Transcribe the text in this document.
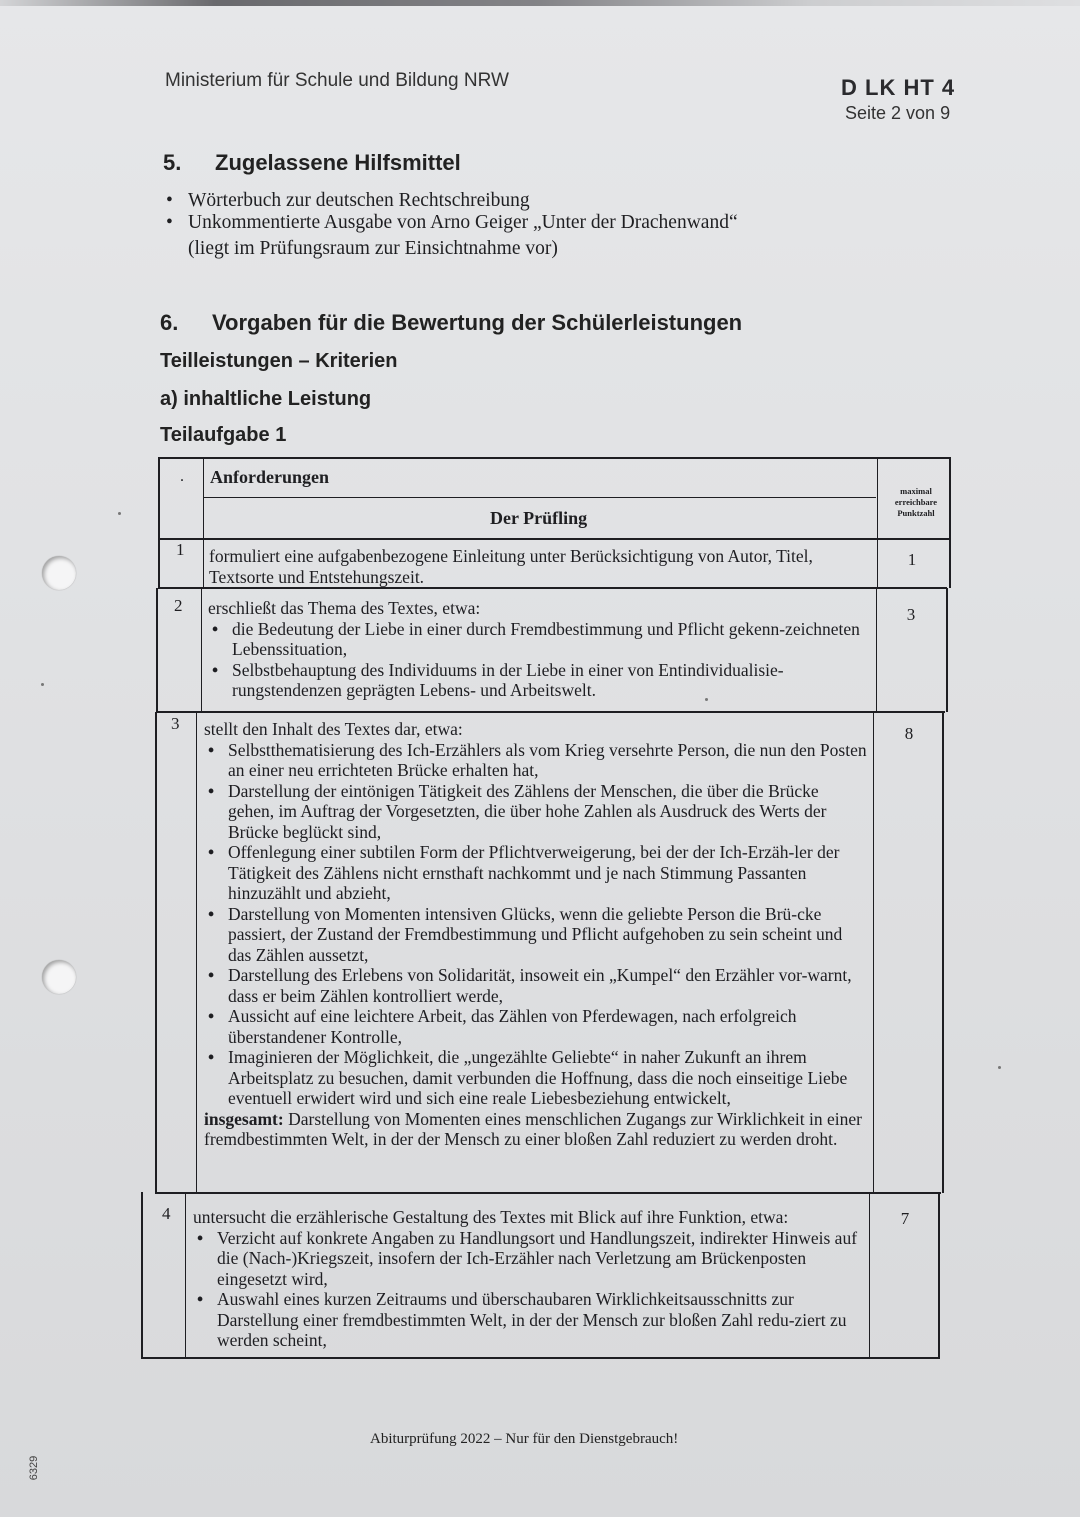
Ministerium für Schule und Bildung NRW	D LK HT 4
Seite 2 von 9
5. Zugelassene Hilfsmittel
• Wörterbuch zur deutschen Rechtschreibung
• Unkommentierte Ausgabe von Arno Geiger „Unter der Drachenwand“
(liegt im Prüfungsraum zur Einsichtnahme vor)
6. Vorgaben für die Bewertung der Schülerleistungen
Teilleistungen – Kriterien
a) inhaltliche Leistung
Teilaufgabe 1
. Anforderungen
Der Prüfling
maximal erreichbare Punktzahl
1 formuliert eine aufgabenbezogene Einleitung unter Berücksichtigung von Autor, Titel, Textsorte und Entstehungszeit.
1
2 erschließt das Thema des Textes, etwa:
• die Bedeutung der Liebe in einer durch Fremdbestimmung und Pflicht gekenn-zeichneten Lebenssituation,
• Selbstbehauptung des Individuums in der Liebe in einer von Entindividualisie-rungstendenzen geprägten Lebens- und Arbeitswelt.
3
3 stellt den Inhalt des Textes dar, etwa:
• Selbstthematisierung des Ich-Erzählers als vom Krieg versehrte Person, die nun den Posten an einer neu errichteten Brücke erhalten hat,
• Darstellung der eintönigen Tätigkeit des Zählens der Menschen, die über die Brücke gehen, im Auftrag der Vorgesetzten, die über hohe Zahlen als Ausdruck des Werts der Brücke beglückt sind,
• Offenlegung einer subtilen Form der Pflichtverweigerung, bei der der Ich-Erzäh-ler der Tätigkeit des Zählens nicht ernsthaft nachkommt und je nach Stimmung Passanten hinzuzählt und abzieht,
• Darstellung von Momenten intensiven Glücks, wenn die geliebte Person die Brü-cke passiert, der Zustand der Fremdbestimmung und Pflicht aufgehoben zu sein scheint und das Zählen aussetzt,
• Darstellung des Erlebens von Solidarität, insoweit ein „Kumpel“ den Erzähler vor-warnt, dass er beim Zählen kontrolliert werde,
• Aussicht auf eine leichtere Arbeit, das Zählen von Pferdewagen, nach erfolgreich überstandener Kontrolle,
• Imaginieren der Möglichkeit, die „ungezählte Geliebte“ in naher Zukunft an ihrem Arbeitsplatz zu besuchen, damit verbunden die Hoffnung, dass die noch einseitige Liebe eventuell erwidert wird und sich eine reale Liebesbeziehung entwickelt,
insgesamt: Darstellung von Momenten eines menschlichen Zugangs zur Wirklichkeit in einer fremdbestimmten Welt, in der der Mensch zu einer bloßen Zahl reduziert zu werden droht.
8
4 untersucht die erzählerische Gestaltung des Textes mit Blick auf ihre Funktion, etwa:
• Verzicht auf konkrete Angaben zu Handlungsort und Handlungszeit, indirekter Hinweis auf die (Nach-)Kriegszeit, insofern der Ich-Erzähler nach Verletzung am Brückenposten eingesetzt wird,
• Auswahl eines kurzen Zeitraums und überschaubaren Wirklichkeitsausschnitts zur Darstellung einer fremdbestimmten Welt, in der der Mensch zur bloßen Zahl redu-ziert zu werden scheint,
7
Abiturprüfung 2022 – Nur für den Dienstgebrauch!
6329
